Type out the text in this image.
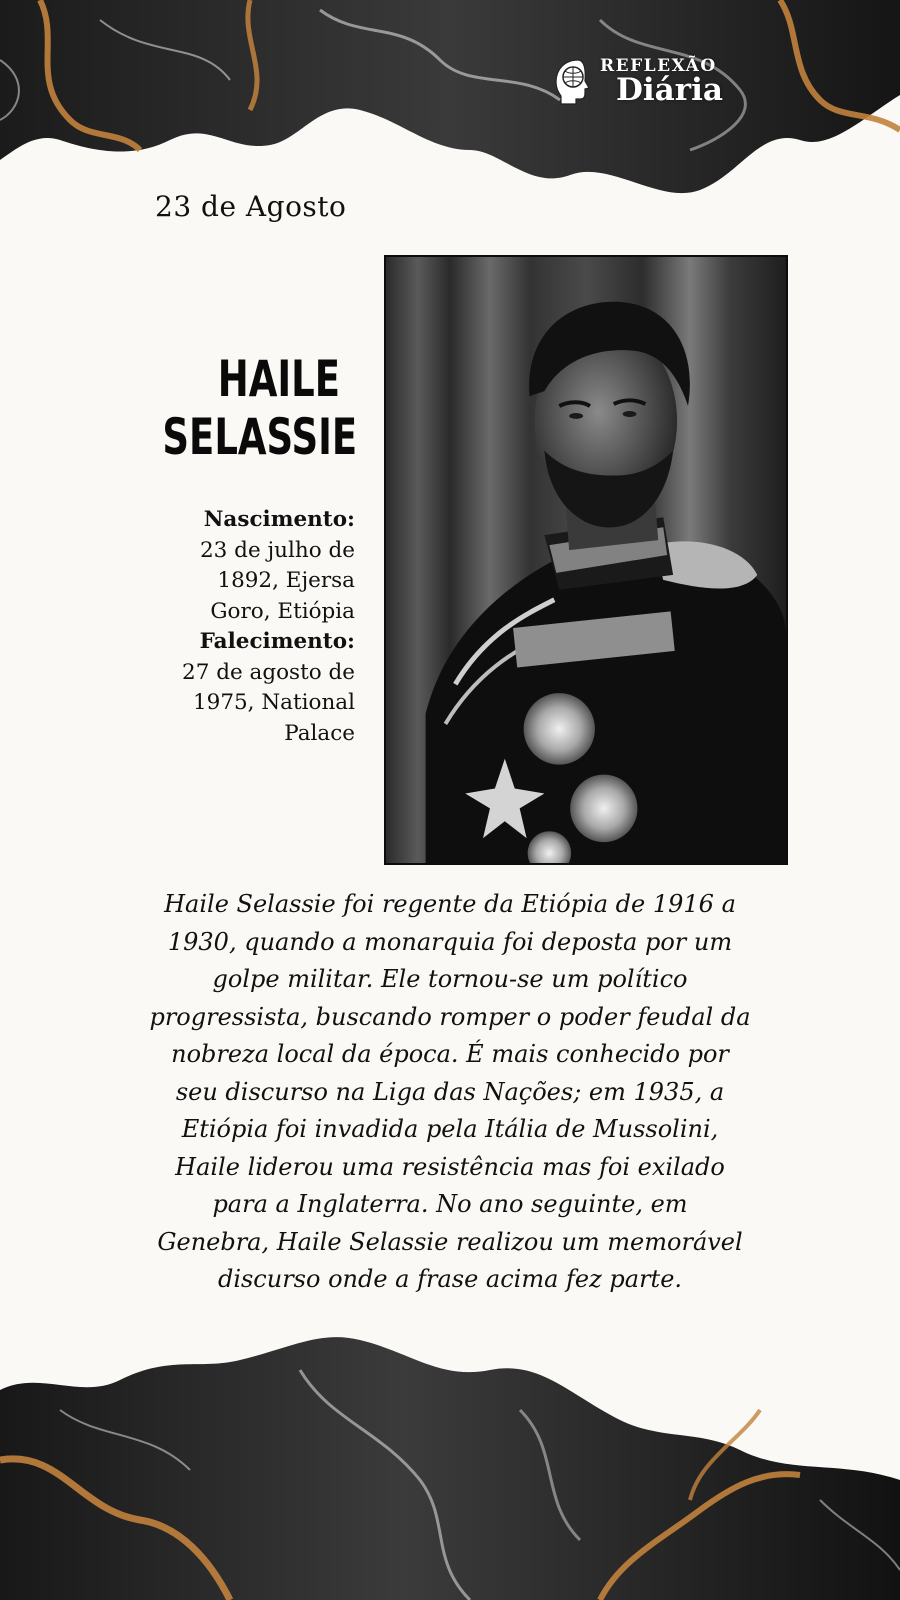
REFLEXÃO
Diária
23 de Agosto
HAILE
SELASSIE
Nascimento:
23 de julho de
1892, Ejersa
Goro, Etiópia
Falecimento:
27 de agosto de
1975, National
Palace
Haile Selassie foi regente da Etiópia de 1916 a
1930, quando a monarquia foi deposta por um
golpe militar. Ele tornou-se um político
progressista, buscando romper o poder feudal da
nobreza local da época. É mais conhecido por
seu discurso na Liga das Nações; em 1935, a
Etiópia foi invadida pela Itália de Mussolini,
Haile liderou uma resistência mas foi exilado
para a Inglaterra. No ano seguinte, em
Genebra, Haile Selassie realizou um memorável
discurso onde a frase acima fez parte.
